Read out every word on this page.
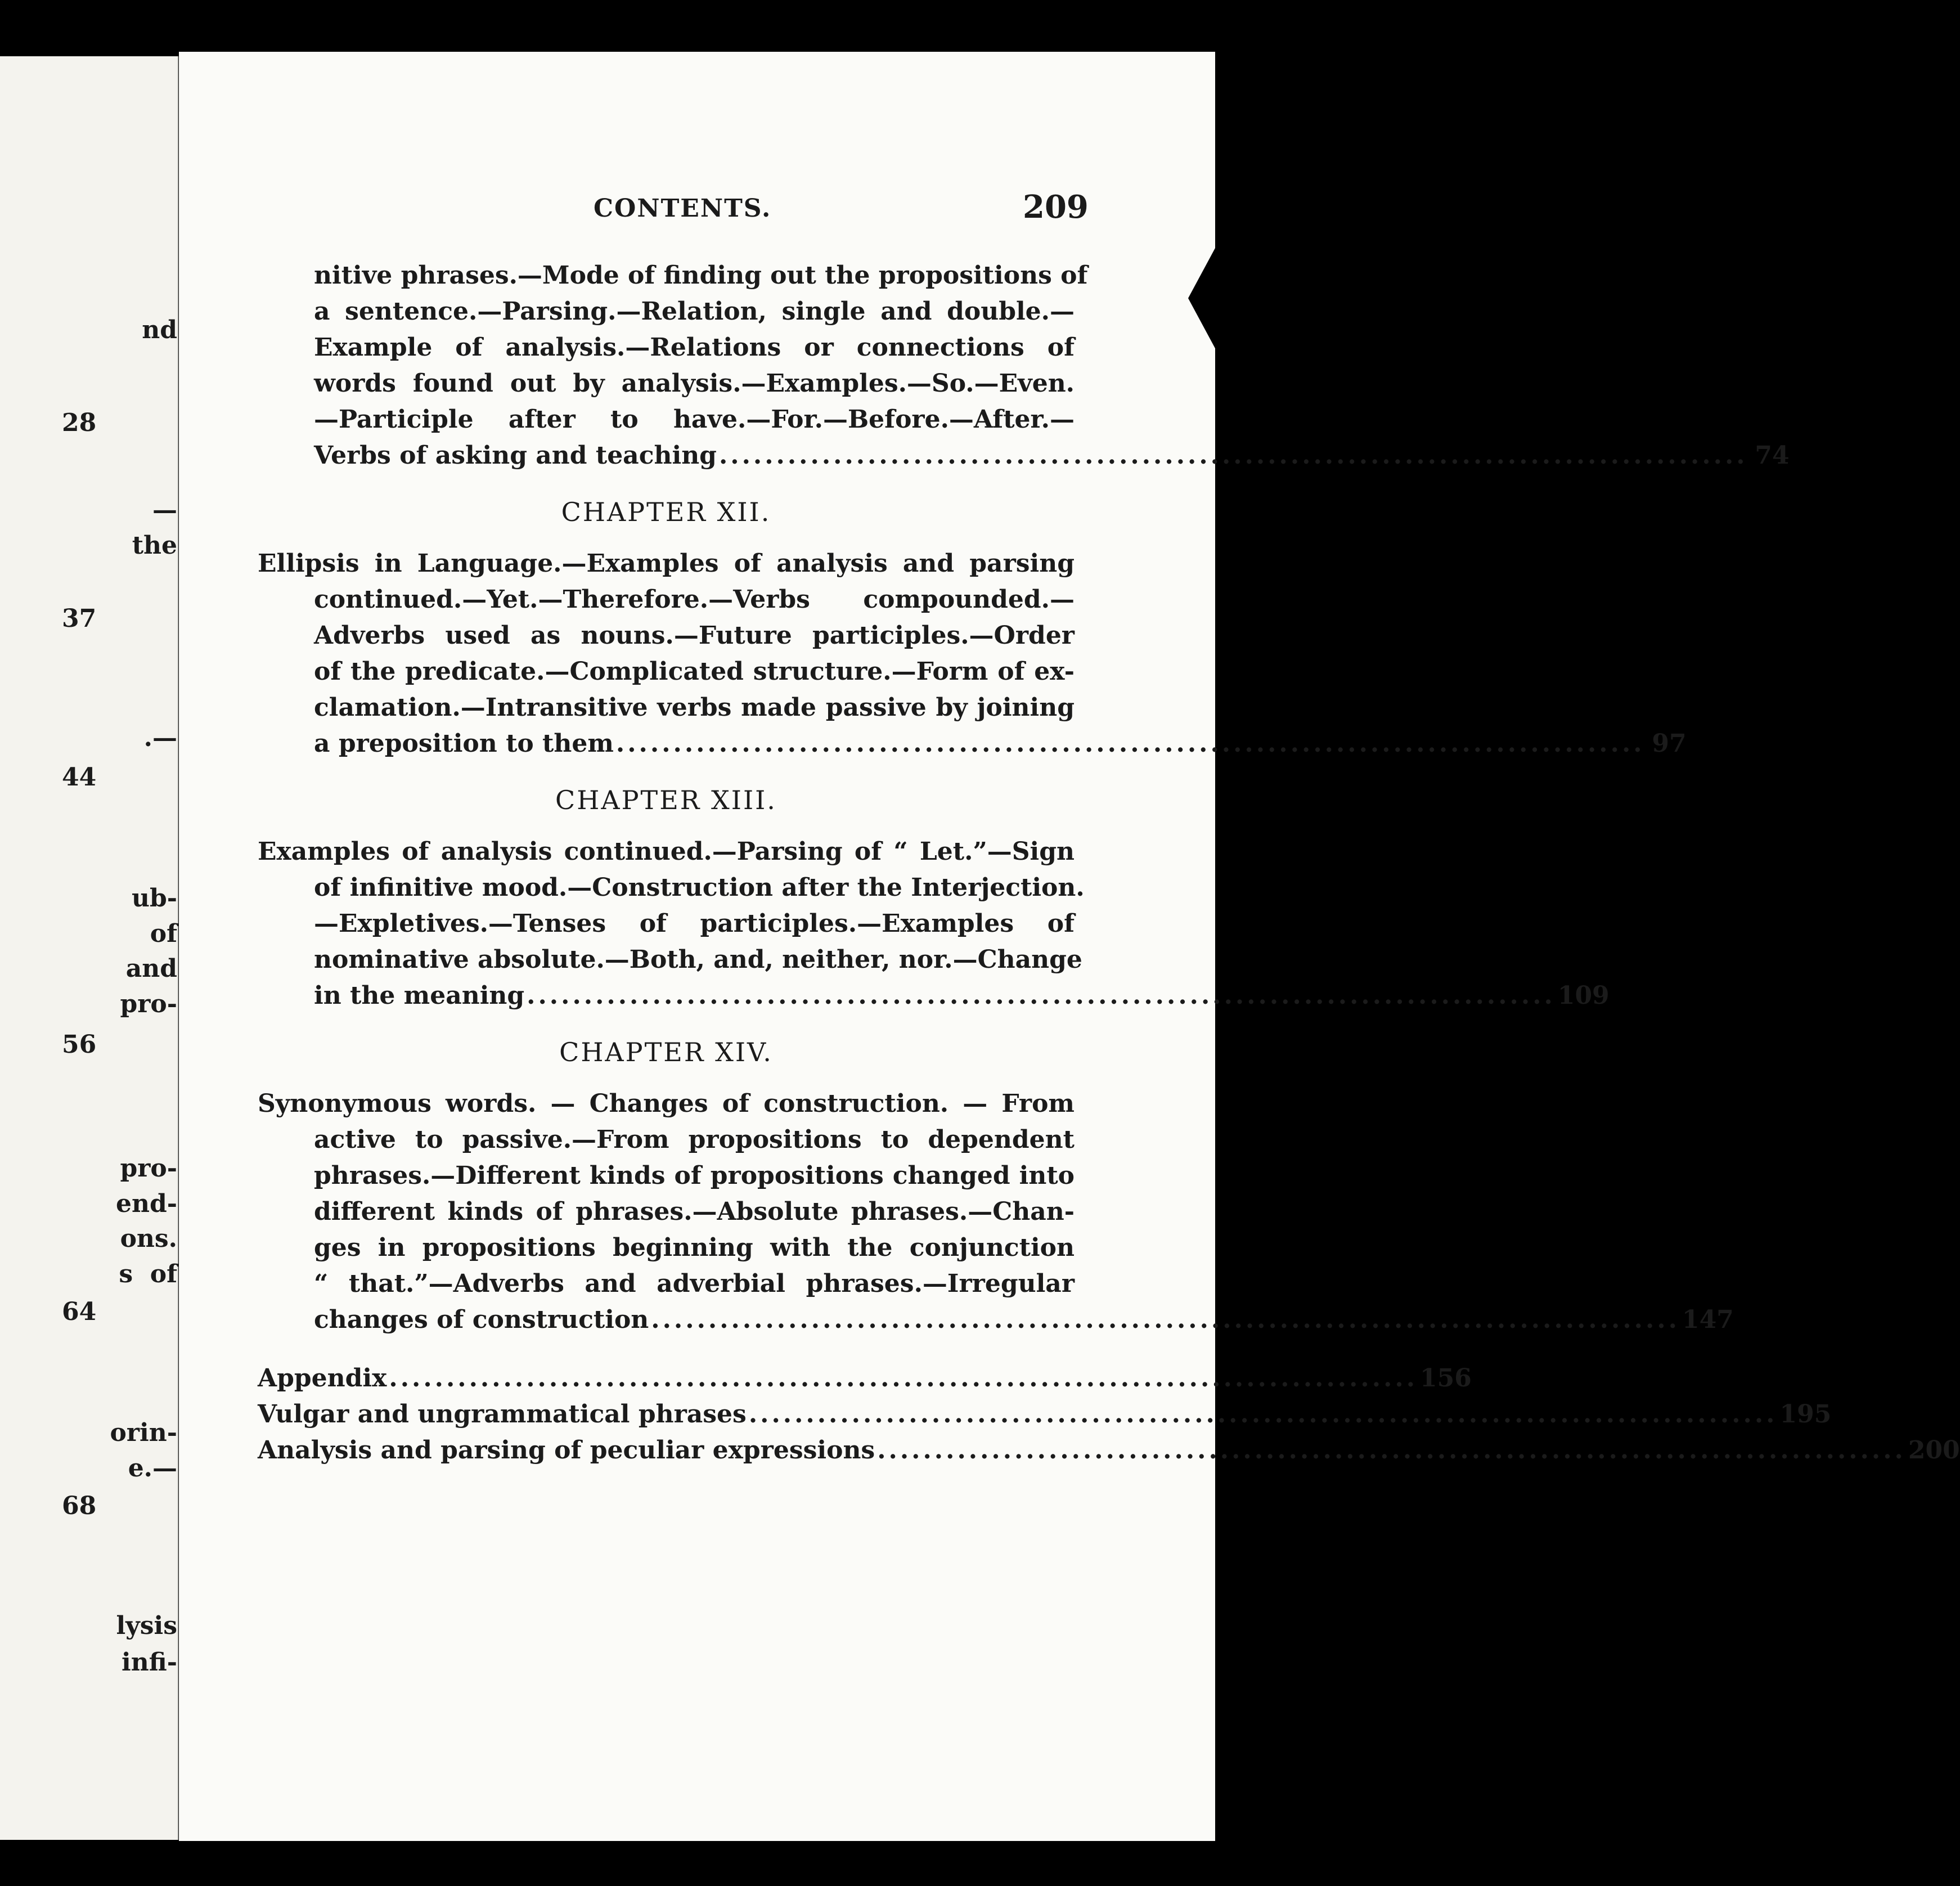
nd
—
the
.—
ub-
of
and
pro-
pro-
end-
ons.
s  of
orin-
e.—
lysis
infi-
28
37
44
56
64
68
CONTENTS.	209
nitive phrases.—Mode of finding out the propositions of
a sentence.—Parsing.—Relation, single and double.—
Example of analysis.—Relations or connections of
words found out by analysis.—Examples.—So.—Even.
—Participle after to have.—For.—Before.—After.—
Verbs of asking and teaching .......................................................................................... 74
CHAPTER XII.
Ellipsis in Language.—Examples of analysis and parsing
continued.—Yet.—Therefore.—Verbs compounded.—
Adverbs used as nouns.—Future participles.—Order
of the predicate.—Complicated structure.—Form of ex-
clamation.—Intransitive verbs made passive by joining
a preposition to them .......................................................................................... 97
CHAPTER XIII.
Examples of analysis continued.—Parsing of “ Let.”—Sign
of infinitive mood.—Construction after the Interjection.
—Expletives.—Tenses of participles.—Examples of
nominative absolute.—Both, and, neither, nor.—Change
in the meaning .......................................................................................... 109
CHAPTER XIV.
Synonymous words. — Changes of construction. — From
active to passive.—From propositions to dependent
phrases.—Different kinds of propositions changed into
different kinds of phrases.—Absolute phrases.—Chan-
ges in propositions beginning with the conjunction
“ that.”—Adverbs and adverbial phrases.—Irregular
changes of construction .......................................................................................... 147
Appendix .......................................................................................... 156
Vulgar and ungrammatical phrases .......................................................................................... 195
Analysis and parsing of peculiar expressions .......................................................................................... 200
